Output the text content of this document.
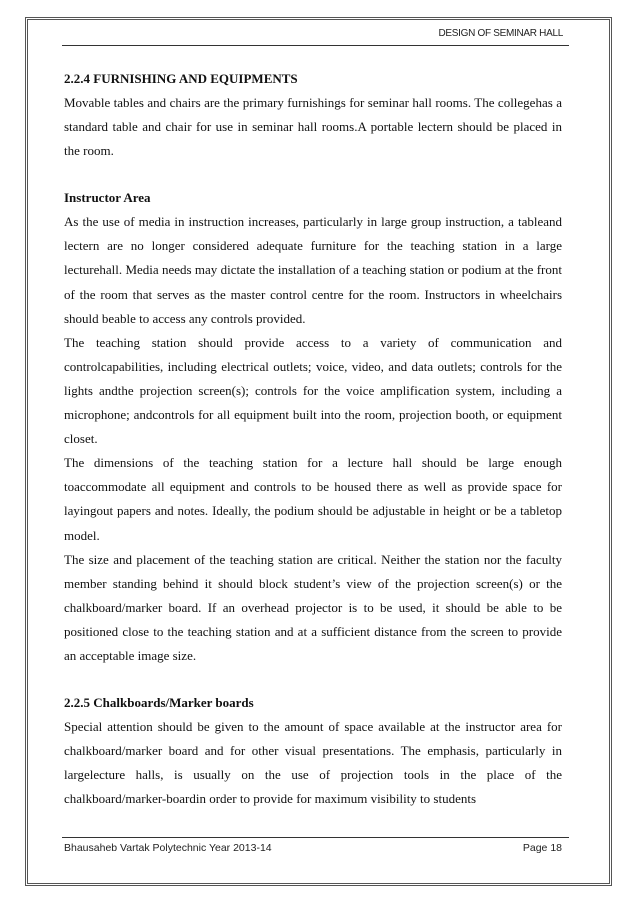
DESIGN OF SEMINAR HALL
2.2.4 FURNISHING AND EQUIPMENTS

Movable tables and chairs are the primary furnishings for seminar hall rooms. The collegehas a standard table and chair for use in seminar hall rooms.A portable lectern should be placed in the room.

Instructor Area

As the use of media in instruction increases, particularly in large group instruction, a tableand lectern are no longer considered adequate furniture for the teaching station in a large lecturehall. Media needs may dictate the installation of a teaching station or podium at the front of the room that serves as the master control centre for the room. Instructors in wheelchairs should beable to access any controls provided.

The teaching station should provide access to a variety of communication and controlcapabilities, including electrical outlets; voice, video, and data outlets; controls for the lights andthe projection screen(s); controls for the voice amplification system, including a microphone; andcontrols for all equipment built into the room, projection booth, or equipment closet.

The dimensions of the teaching station for a lecture hall should be large enough toaccommodate all equipment and controls to be housed there as well as provide space for layingout papers and notes. Ideally, the podium should be adjustable in height or be a tabletop model.

The size and placement of the teaching station are critical. Neither the station nor the faculty member standing behind it should block student’s view of the projection screen(s) or the chalkboard/marker board. If an overhead projector is to be used, it should be able to be positioned close to the teaching station and at a sufficient distance from the screen to provide an acceptable image size.

2.2.5 Chalkboards/Marker boards

Special attention should be given to the amount of space available at the instructor area for chalkboard/marker board and for other visual presentations. The emphasis, particularly in largelecture halls, is usually on the use of projection tools in the place of the chalkboard/marker-boardin order to provide for maximum visibility to students

Bhausaheb Vartak Polytechnic Year 2013-14	Page 18
